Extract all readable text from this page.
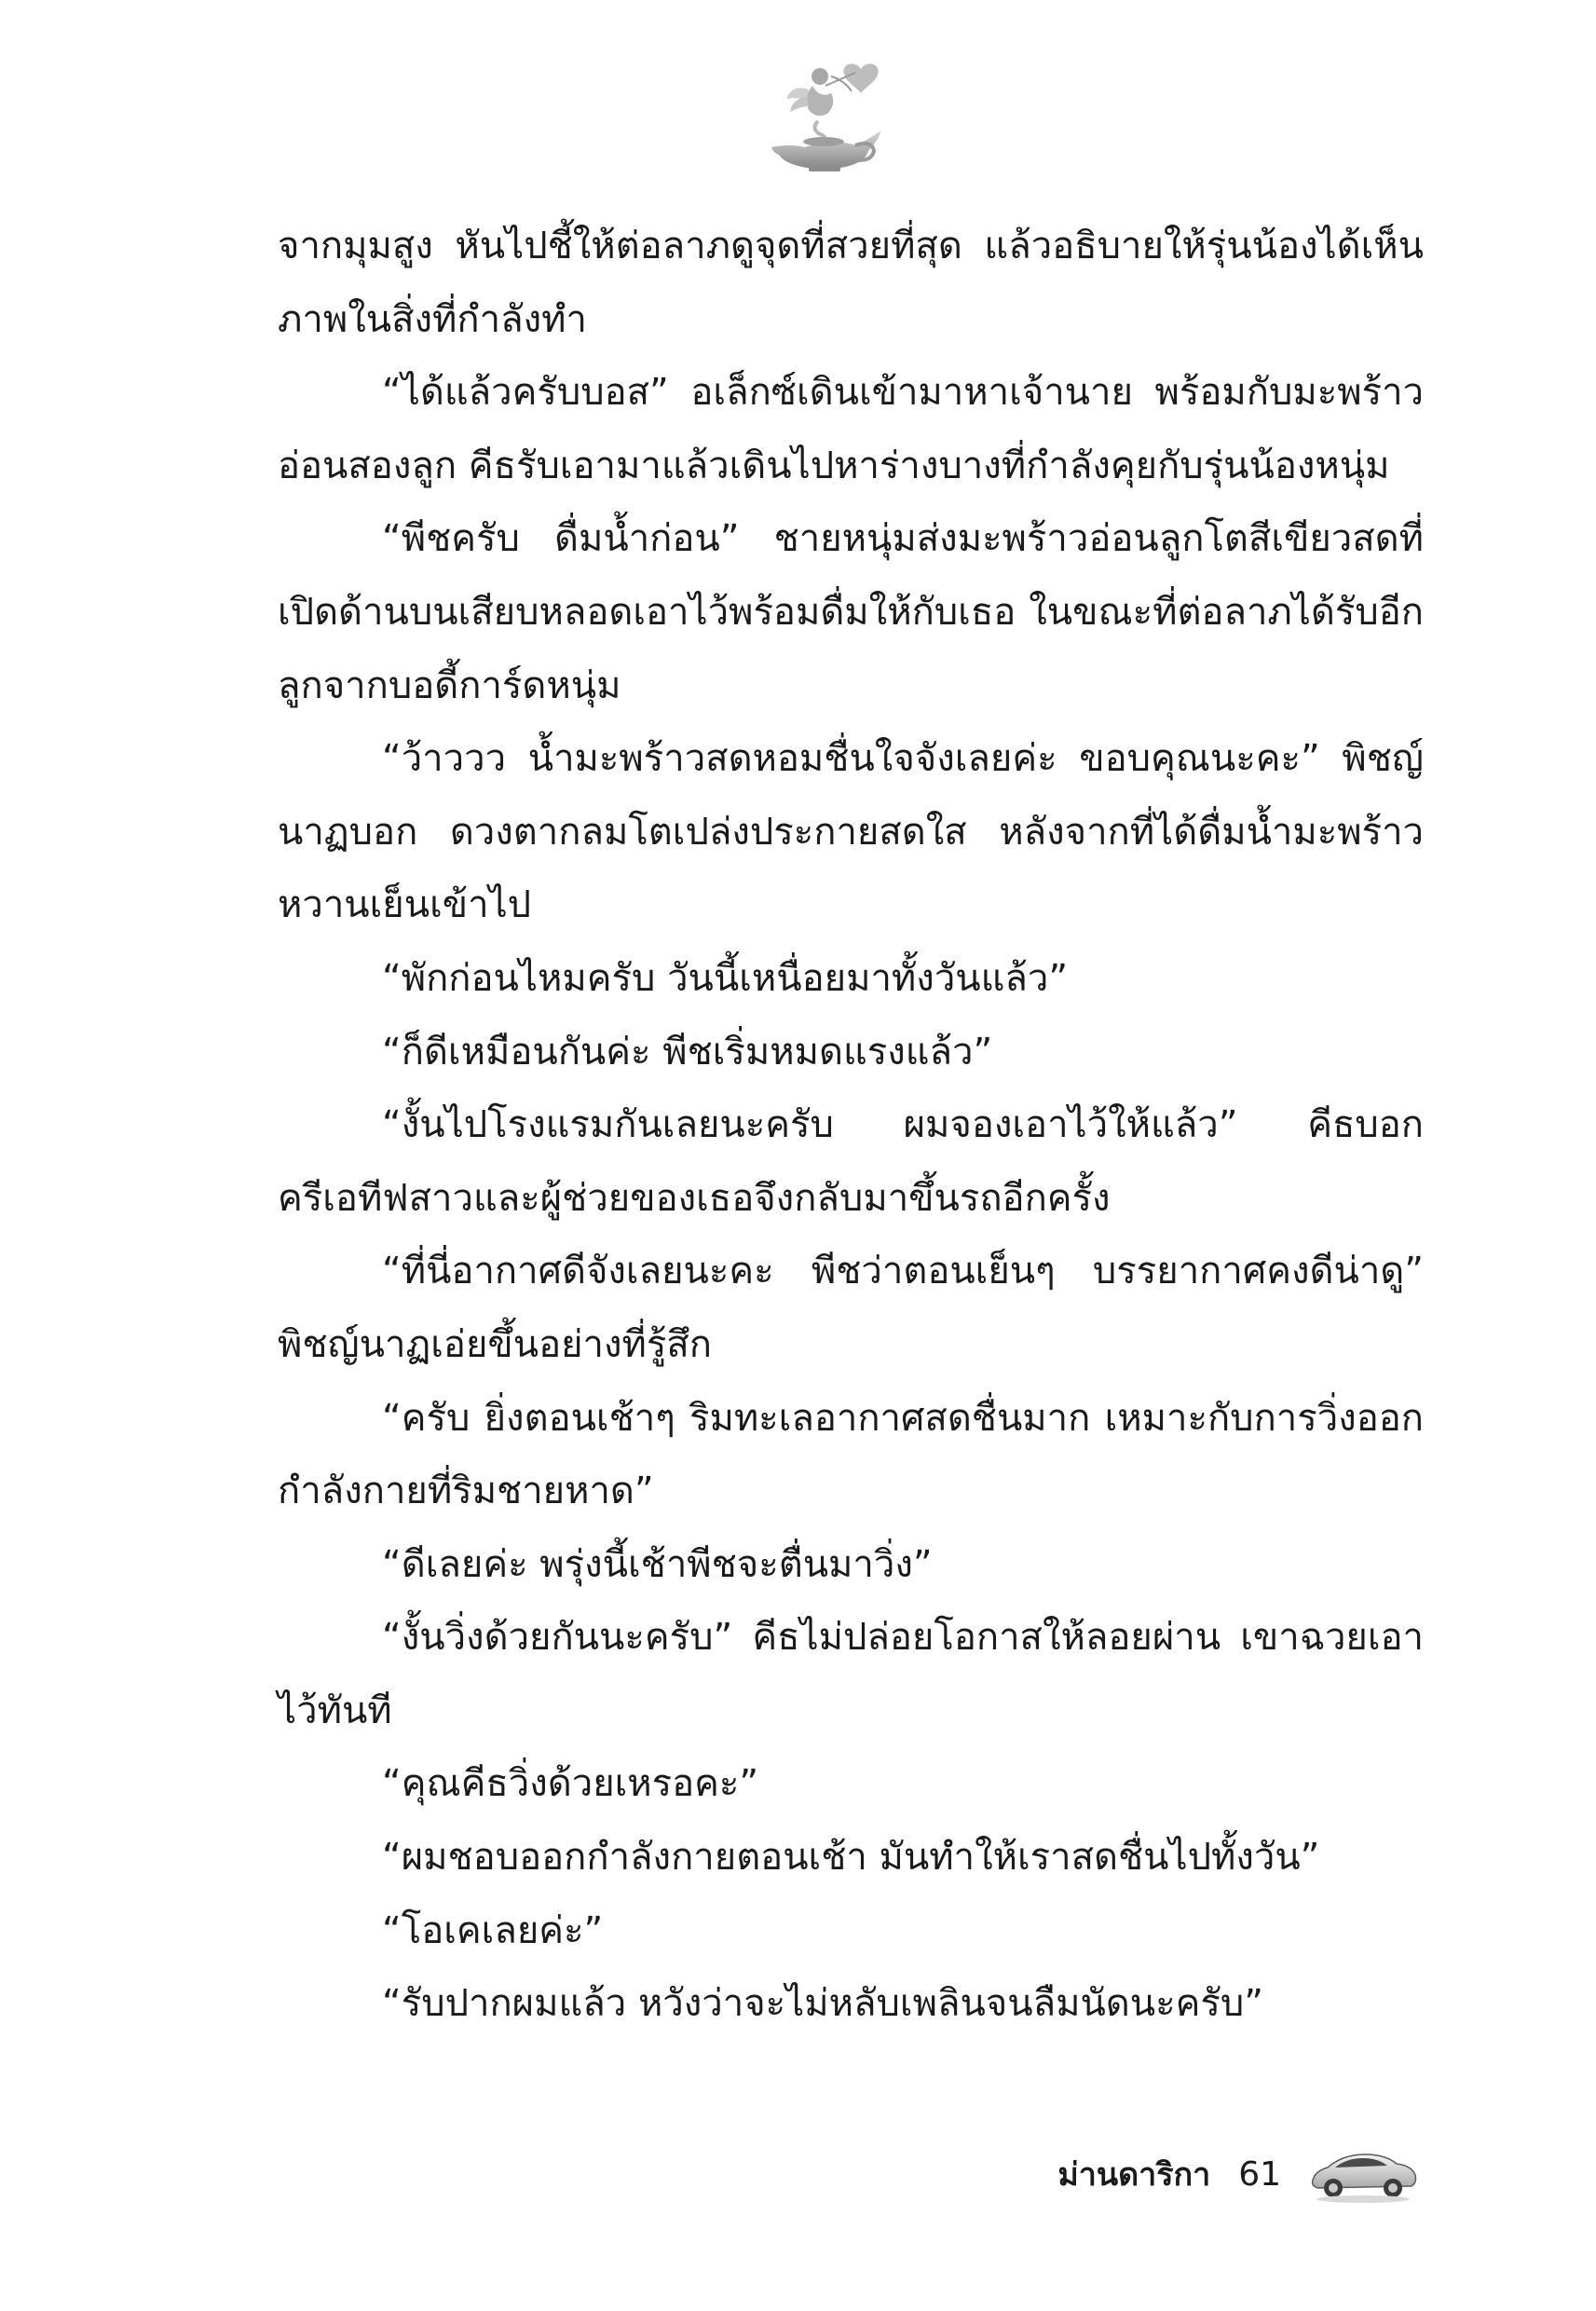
จากมุมสูง หันไปชี้ให้ต่อลาภดูจุดที่สวยที่สุด แล้วอธิบายให้รุ่นน้องได้เห็นภาพในสิ่งที่กำลังทำ

“ได้แล้วครับบอส” อเล็กซ์เดินเข้ามาหาเจ้านาย พร้อมกับมะพร้าวอ่อนสองลูก คีธรับเอามาแล้วเดินไปหาร่างบางที่กำลังคุยกับรุ่นน้องหนุ่ม

“พีชครับ ดื่มน้ำก่อน” ชายหนุ่มส่งมะพร้าวอ่อนลูกโตสีเขียวสดที่เปิดด้านบนเสียบหลอดเอาไว้พร้อมดื่มให้กับเธอ ในขณะที่ต่อลาภได้รับอีกลูกจากบอดี้การ์ดหนุ่ม

“ว้าววว น้ำมะพร้าวสดหอมชื่นใจจังเลยค่ะ ขอบคุณนะคะ” พิชญ์นาฏบอก ดวงตากลมโตเปล่งประกายสดใส หลังจากที่ได้ดื่มน้ำมะพร้าวหวานเย็นเข้าไป

“พักก่อนไหมครับ วันนี้เหนื่อยมาทั้งวันแล้ว”

“ก็ดีเหมือนกันค่ะ พีชเริ่มหมดแรงแล้ว”

“งั้นไปโรงแรมกันเลยนะครับ ผมจองเอาไว้ให้แล้ว” คีธบอกครีเอทีฟสาวและผู้ช่วยของเธอจึงกลับมาขึ้นรถอีกครั้ง

“ที่นี่อากาศดีจังเลยนะคะ พีชว่าตอนเย็นๆ บรรยากาศคงดีน่าดู” พิชญ์นาฏเอ่ยขึ้นอย่างที่รู้สึก

“ครับ ยิ่งตอนเช้าๆ ริมทะเลอากาศสดชื่นมาก เหมาะกับการวิ่งออกกำลังกายที่ริมชายหาด”

“ดีเลยค่ะ พรุ่งนี้เช้าพีชจะตื่นมาวิ่ง”

“งั้นวิ่งด้วยกันนะครับ” คีธไม่ปล่อยโอกาสให้ลอยผ่าน เขาฉวยเอาไว้ทันที

“คุณคีธวิ่งด้วยเหรอคะ”

“ผมชอบออกกำลังกายตอนเช้า มันทำให้เราสดชื่นไปทั้งวัน”

“โอเคเลยค่ะ”

“รับปากผมแล้ว หวังว่าจะไม่หลับเพลินจนลืมนัดนะครับ”

ม่านดาริกา 61
